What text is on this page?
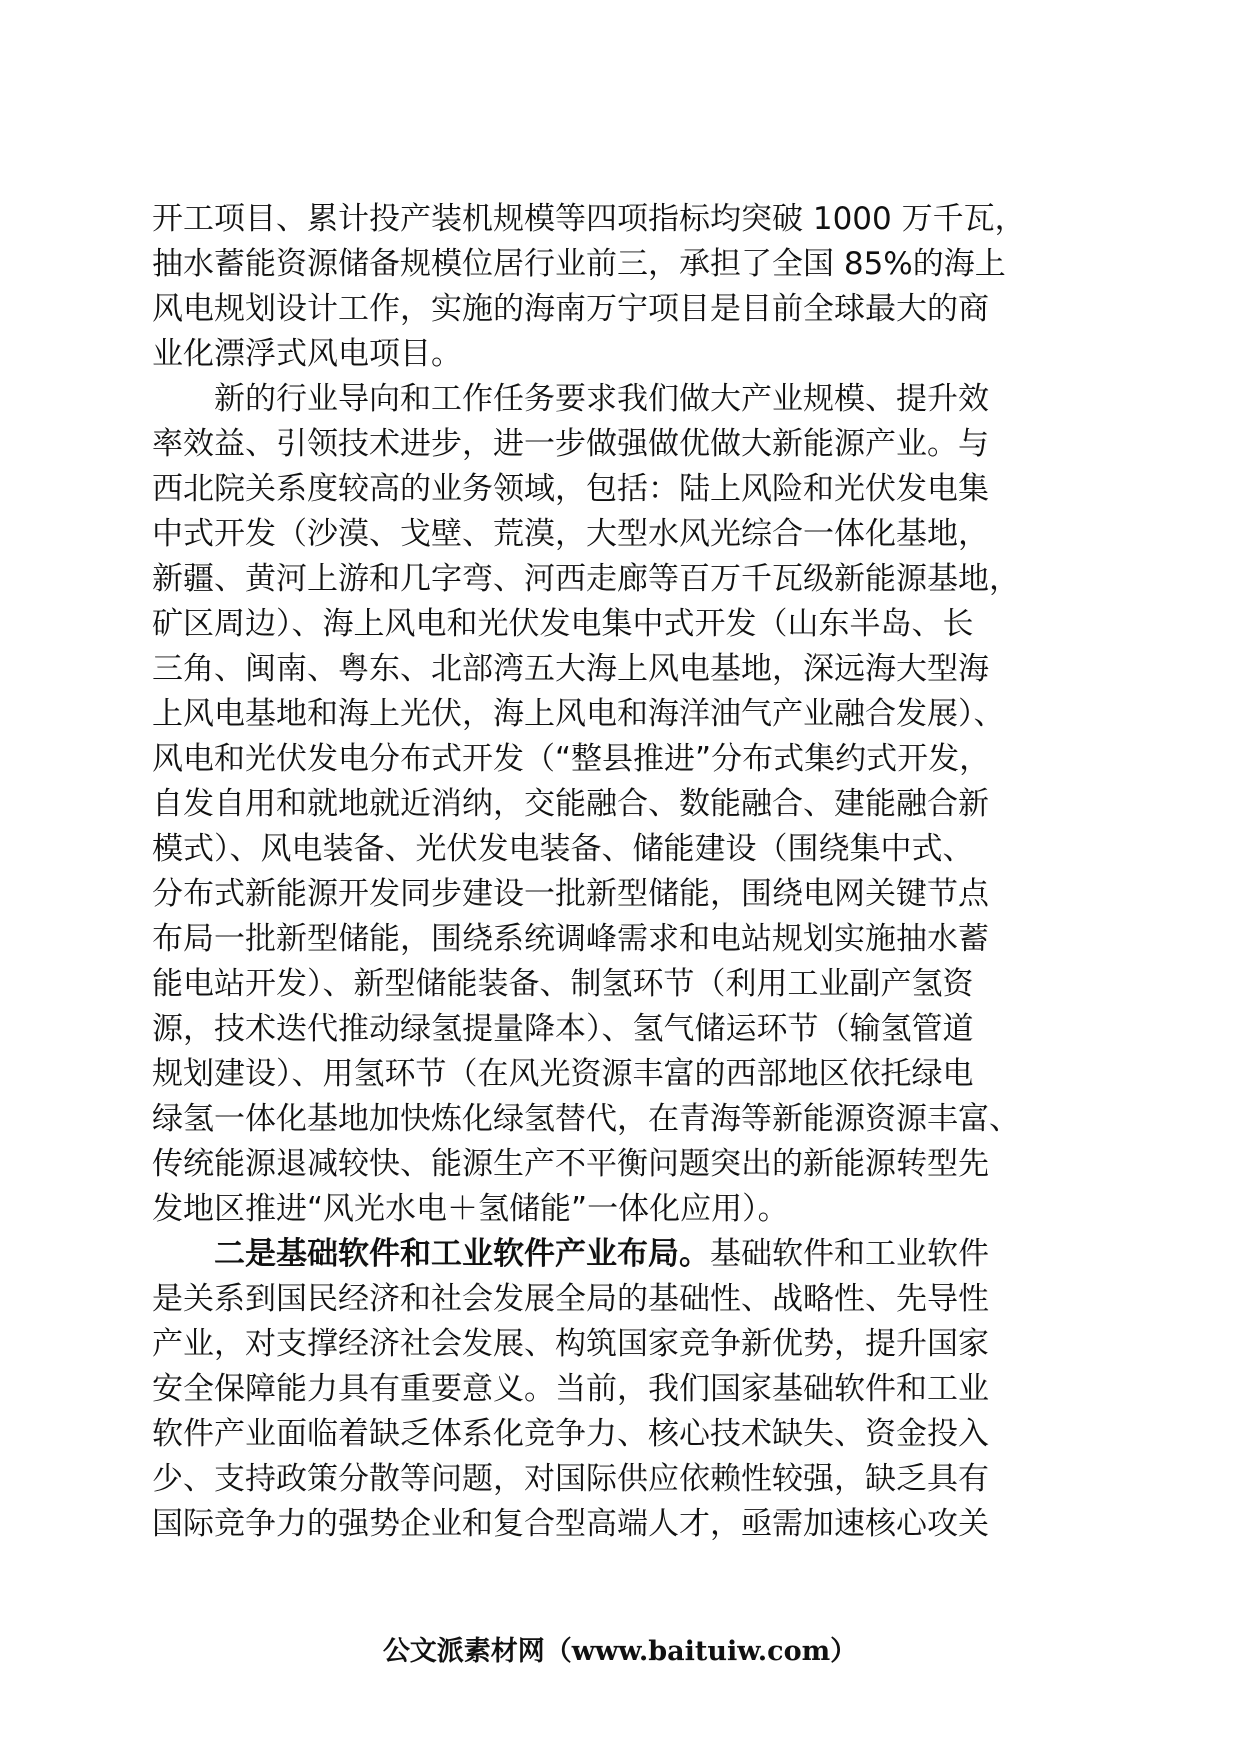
开工项目、累计投产装机规模等四项指标均突破 1000 万千瓦，
抽水蓄能资源储备规模位居行业前三，承担了全国 85%的海上
风电规划设计工作，实施的海南万宁项目是目前全球最大的商
业化漂浮式风电项目。
新的行业导向和工作任务要求我们做大产业规模、提升效
率效益、引领技术进步，进一步做强做优做大新能源产业。与
西北院关系度较高的业务领域，包括：陆上风险和光伏发电集
中式开发（沙漠、戈壁、荒漠，大型水风光综合一体化基地，
新疆、黄河上游和几字弯、河西走廊等百万千瓦级新能源基地，
矿区周边）、海上风电和光伏发电集中式开发（山东半岛、长
三角、闽南、粤东、北部湾五大海上风电基地，深远海大型海
上风电基地和海上光伏，海上风电和海洋油气产业融合发展）、
风电和光伏发电分布式开发（“整县推进”分布式集约式开发，
自发自用和就地就近消纳，交能融合、数能融合、建能融合新
模式）、风电装备、光伏发电装备、储能建设（围绕集中式、
分布式新能源开发同步建设一批新型储能，围绕电网关键节点
布局一批新型储能，围绕系统调峰需求和电站规划实施抽水蓄
能电站开发）、新型储能装备、制氢环节（利用工业副产氢资
源，技术迭代推动绿氢提量降本）、氢气储运环节（输氢管道
规划建设）、用氢环节（在风光资源丰富的西部地区依托绿电
绿氢一体化基地加快炼化绿氢替代，在青海等新能源资源丰富、
传统能源退减较快、能源生产不平衡问题突出的新能源转型先
发地区推进“风光水电＋氢储能”一体化应用）。
二是基础软件和工业软件产业布局。基础软件和工业软件
是关系到国民经济和社会发展全局的基础性、战略性、先导性
产业，对支撑经济社会发展、构筑国家竞争新优势，提升国家
安全保障能力具有重要意义。当前，我们国家基础软件和工业
软件产业面临着缺乏体系化竞争力、核心技术缺失、资金投入
少、支持政策分散等问题，对国际供应依赖性较强，缺乏具有
国际竞争力的强势企业和复合型高端人才，亟需加速核心攻关
公文派素材网（www.baituiw.com）
